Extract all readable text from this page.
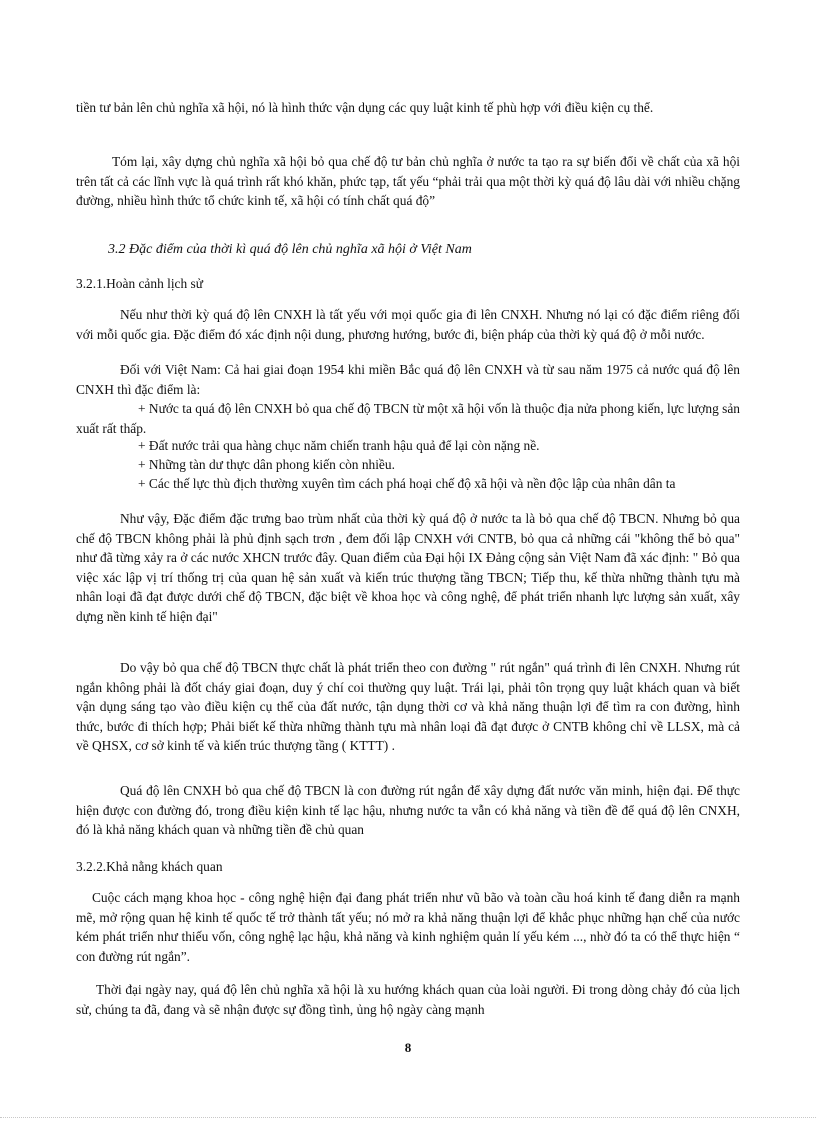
tiền tư bản lên chủ nghĩa xã hội, nó là hình thức vận dụng các quy luật kinh tế phù hợp với điều kiện cụ thể.

Tóm lại, xây dựng chủ nghĩa xã hội bỏ qua chế độ tư bản chủ nghĩa ở nước ta tạo ra sự biến đổi về chất của xã hội trên tất cả các lĩnh vực là quá trình rất khó khăn, phức tạp, tất yếu “phải trải qua một thời kỳ quá độ lâu dài với nhiều chặng đường, nhiều hình thức tổ chức kinh tế, xã hội có tính chất quá độ”

3.2 Đặc điểm của thời kì quá độ lên chủ nghĩa xã hội ở Việt Nam

3.2.1.Hoàn cảnh lịch sử

Nếu như thời kỳ quá độ lên CNXH là tất yếu với mọi quốc gia đi lên CNXH. Nhưng nó lại có đặc điểm riêng đối với mỗi quốc gia. Đặc điểm đó xác định nội dung, phương hướng, bước đi, biện pháp của thời kỳ quá độ ở mỗi nước.

Đối với Việt Nam: Cả hai giai đoạn 1954 khi miền Bắc quá độ lên CNXH và từ sau năm 1975 cả nước quá độ lên CNXH thì đặc điểm là:

+ Nước ta quá độ lên CNXH bỏ qua chế độ TBCN từ một xã hội vốn là thuộc địa nửa phong kiến, lực lượng sản xuất rất thấp.

+ Đất nước trải qua hàng chục năm chiến tranh hậu quả để lại còn nặng nề.

+ Những tàn dư thực dân phong kiến còn nhiều.

+ Các thế lực thù địch thường xuyên tìm cách phá hoại chế độ xã hội và nền độc lập của nhân dân ta

Như vậy, Đặc điểm đặc trưng bao trùm nhất của thời kỳ quá độ ở nước ta là bỏ qua chế độ TBCN. Nhưng bỏ qua chế độ TBCN không phải là phủ định sạch trơn , đem đối lập CNXH với CNTB, bỏ qua cả những cái "không thể bỏ qua" như đã từng xảy ra ở các nước XHCN trước đây. Quan điểm của Đại hội IX Đảng cộng sản Việt Nam đã xác định: " Bỏ qua việc xác lập vị trí thống trị của quan hệ sản xuất và kiến trúc thượng tầng TBCN; Tiếp thu, kế thừa những thành tựu mà nhân loại đã đạt được dưới chế độ TBCN, đặc biệt về khoa học và công nghệ, để phát triển nhanh lực lượng sản xuất, xây dựng nền kinh tế hiện đại"

Do vậy bỏ qua chế độ TBCN thực chất là phát triển theo con đường " rút ngắn" quá trình đi lên CNXH. Nhưng rút ngắn không phải là đốt cháy giai đoạn, duy ý chí coi thường quy luật. Trái lại, phải tôn trọng quy luật khách quan và biết vận dụng sáng tạo vào điều kiện cụ thể của đất nước, tận dụng thời cơ và khả năng thuận lợi để tìm ra con đường, hình thức, bước đi thích hợp; Phải biết kế thừa những thành tựu mà nhân loại đã đạt được ở CNTB không chỉ về LLSX, mà cả về QHSX, cơ sở kinh tế và kiến trúc thượng tầng ( KTTT) .

Quá độ lên CNXH bỏ qua chế độ TBCN là con đường rút ngắn để xây dựng đất nước văn minh, hiện đại. Để thực hiện được con đường đó, trong điều kiện kinh tế lạc hậu, nhưng nước ta vẫn có khả năng và tiền đề để quá độ lên CNXH, đó là khả năng khách quan và những tiền đề chủ quan

3.2.2.Khả nằng khách quan

Cuộc cách mạng khoa học - công nghệ hiện đại đang phát triển như vũ bão và toàn cầu hoá kinh tế đang diễn ra mạnh mẽ, mở rộng quan hệ kinh tế quốc tế trở thành tất yếu; nó mở ra khả năng thuận lợi để khắc phục những hạn chế của nước kém phát triển như thiếu vốn, công nghệ lạc hậu, khả năng và kinh nghiệm quản lí yếu kém ..., nhờ đó ta có thể thực hiện “ con đường rút ngắn”.

Thời đại ngày nay, quá độ lên chủ nghĩa xã hội là xu hướng khách quan của loài người. Đi trong dòng chảy đó của lịch sử, chúng ta đã, đang và sẽ nhận được sự đồng tình, ủng hộ ngày càng mạnh

8
